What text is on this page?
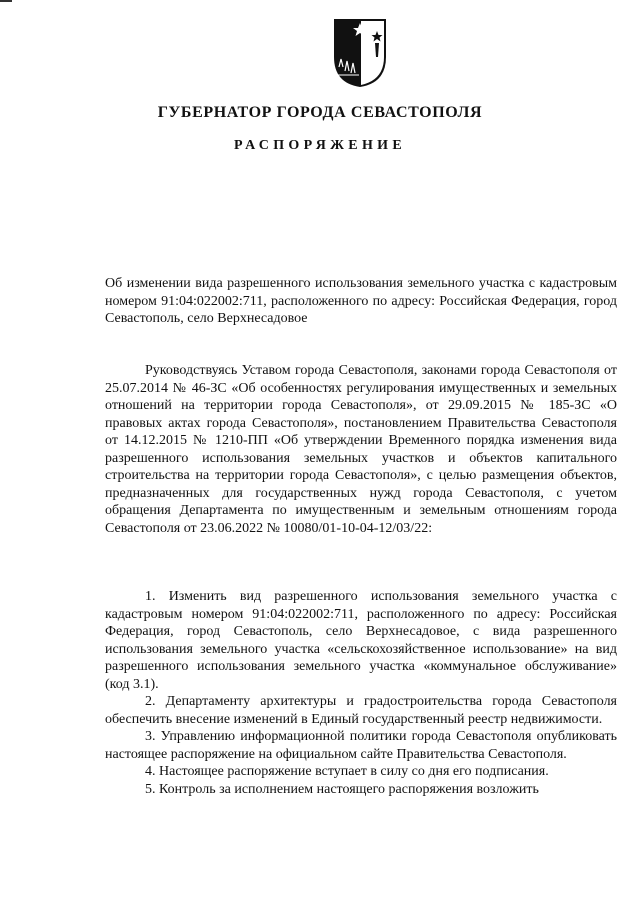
ГУБЕРНАТОР ГОРОДА СЕВАСТОПОЛЯ
РАСПОРЯЖЕНИЕ
Об изменении вида разрешенного использования земельного участка с кадастровым номером 91:04:022002:711, расположенного по адресу: Российская Федерация, город Севастополь, село Верхнесадовое
Руководствуясь Уставом города Севастополя, законами города Севастополя от 25.07.2014 № 46-ЗС «Об особенностях регулирования имущественных и земельных отношений на территории города Севастополя», от 29.09.2015 № 185-ЗС «О правовых актах города Севастополя», постановлением Правительства Севастополя от 14.12.2015 № 1210-ПП «Об утверждении Временного порядка изменения вида разрешенного использования земельных участков и объектов капитального строительства на территории города Севастополя», с целью размещения объектов, предназначенных для государственных нужд города Севастополя, с учетом обращения Департамента по имущественным и земельным отношениям города Севастополя от 23.06.2022 № 10080/01-10-04-12/03/22:

1. Изменить вид разрешенного использования земельного участка с кадастровым номером 91:04:022002:711, расположенного по адресу: Российская Федерация, город Севастополь, село Верхнесадовое, с вида разрешенного использования земельного участка «сельскохозяйственное использование» на вид разрешенного использования земельного участка «коммунальное обслуживание» (код 3.1).

2. Департаменту архитектуры и градостроительства города Севастополя обеспечить внесение изменений в Единый государственный реестр недвижимости.

3. Управлению информационной политики города Севастополя опубликовать настоящее распоряжение на официальном сайте Правительства Севастополя.

4. Настоящее распоряжение вступает в силу со дня его подписания.

5. Контроль за исполнением настоящего распоряжения возложить
